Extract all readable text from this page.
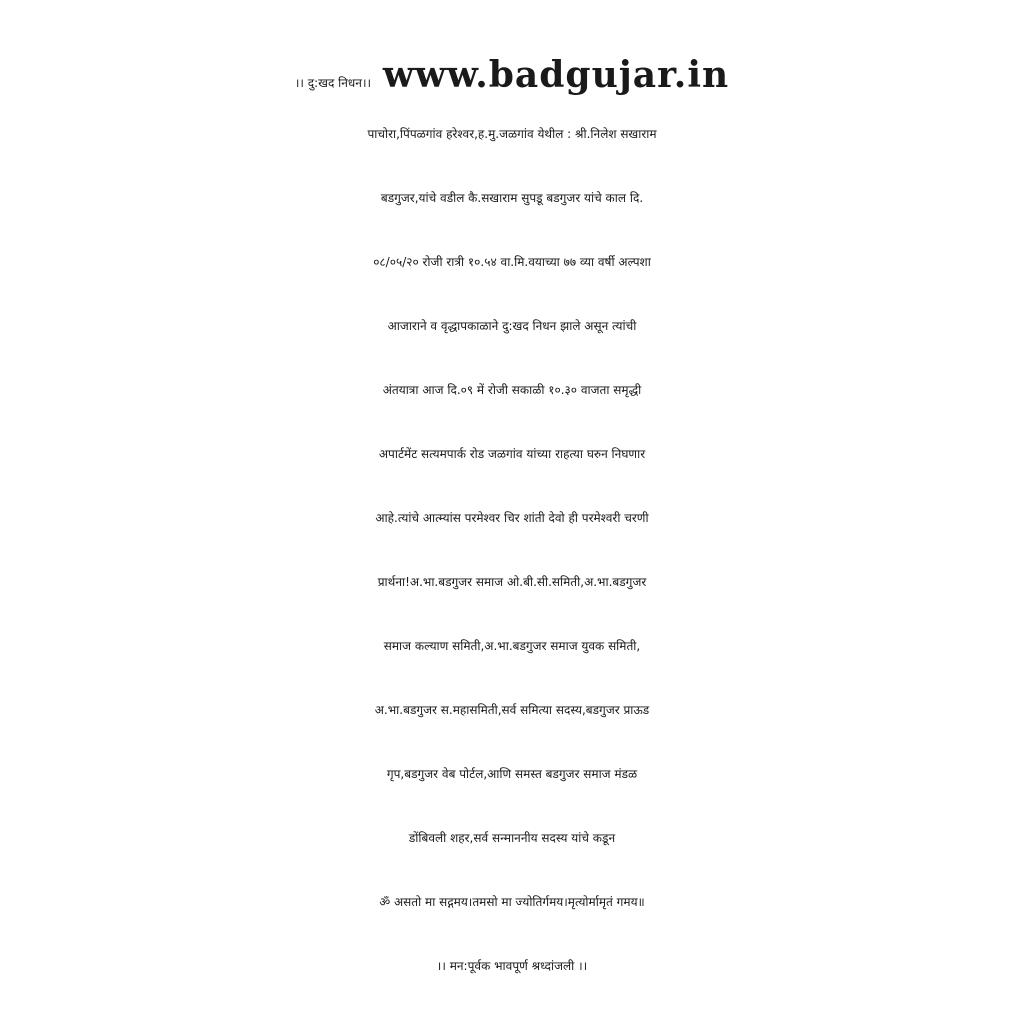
।। दु:खद निधन।। www.badgujar.in
पाचोरा,पिंपळगांव हरेश्वर,ह.मु.जळगांव येथील : श्री.निलेश सखाराम
बडगुजर,यांचे वडील कै.सखाराम सुपडू बडगुजर यांचे काल दि.
०८/०५/२० रोजी रात्री १०.५४ वा.मि.वयाच्या ७७ व्या वर्षी अल्पशा
आजाराने व वृद्धापकाळाने दु:खद निधन झाले असून त्यांची
अंतयात्रा आज दि.०९ में रोजी सकाळी १०.३० वाजता समृद्धी
अपार्टमेंट सत्यमपार्क रोड जळगांव यांच्या राहत्या घरुन निघणार
आहे.त्यांचे आत्म्यांस परमेश्वर चिर शांती देवो ही परमेश्वरी चरणी
प्रार्थना!अ.भा.बडगुजर समाज ओ.बी.सी.समिती,अ.भा.बडगुजर
समाज कल्याण समिती,अ.भा.बडगुजर समाज युवक समिती,
अ.भा.बडगुजर स.महासमिती,सर्व समित्या सदस्य,बडगुजर प्राऊड
गृप,बडगुजर वेब पोर्टल,आणि समस्त बडगुजर समाज मंडळ
डोंबिवली शहर,सर्व सन्माननीय सदस्य यांचे कडून
ॐ असतो मा सद्गमय।तमसो मा ज्योतिर्गमय।मृत्योर्मामृतं गमय॥
।। मन:पूर्वक भावपूर्ण श्रध्दांजली ।।
